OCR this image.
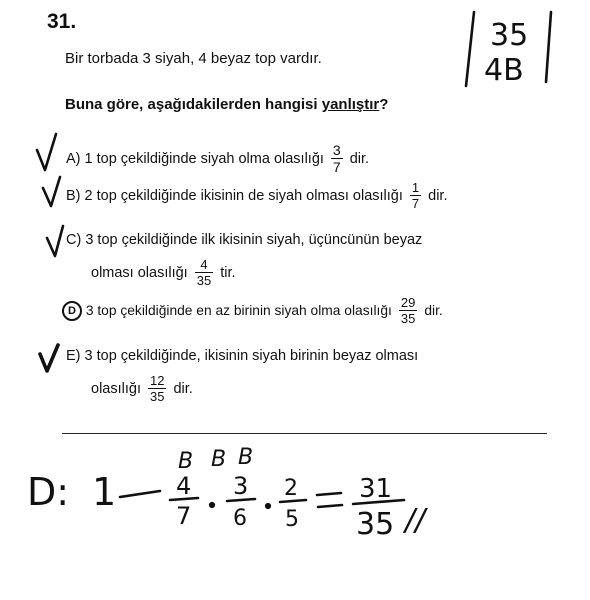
31.
Bir torbada 3 siyah, 4 beyaz top vardır.
Buna göre, aşağıdakilerden hangisi yanlıştır?
A)
1 top çekildiğinde siyah olma olasılığı $\frac{3}{7}$ dir.
B)
2 top çekildiğinde ikisinin de siyah olması olasılığı $\frac{1}{7}$ dir.
C)
3 top çekildiğinde ilk ikisinin siyah, üçüncünün beyaz
olması olasılığı $\frac{4}{35}$ tir.
D
3 top çekildiğinde en az birinin siyah olma olasılığı $\frac{29}{35}$ dir.
E)
3 top çekildiğinde, ikisinin siyah birinin beyaz olması
olasılığı $\frac{12}{35}$ dir.
35
4B
D: 1
B B B
4
7
3
6
2
5
31
35 //
